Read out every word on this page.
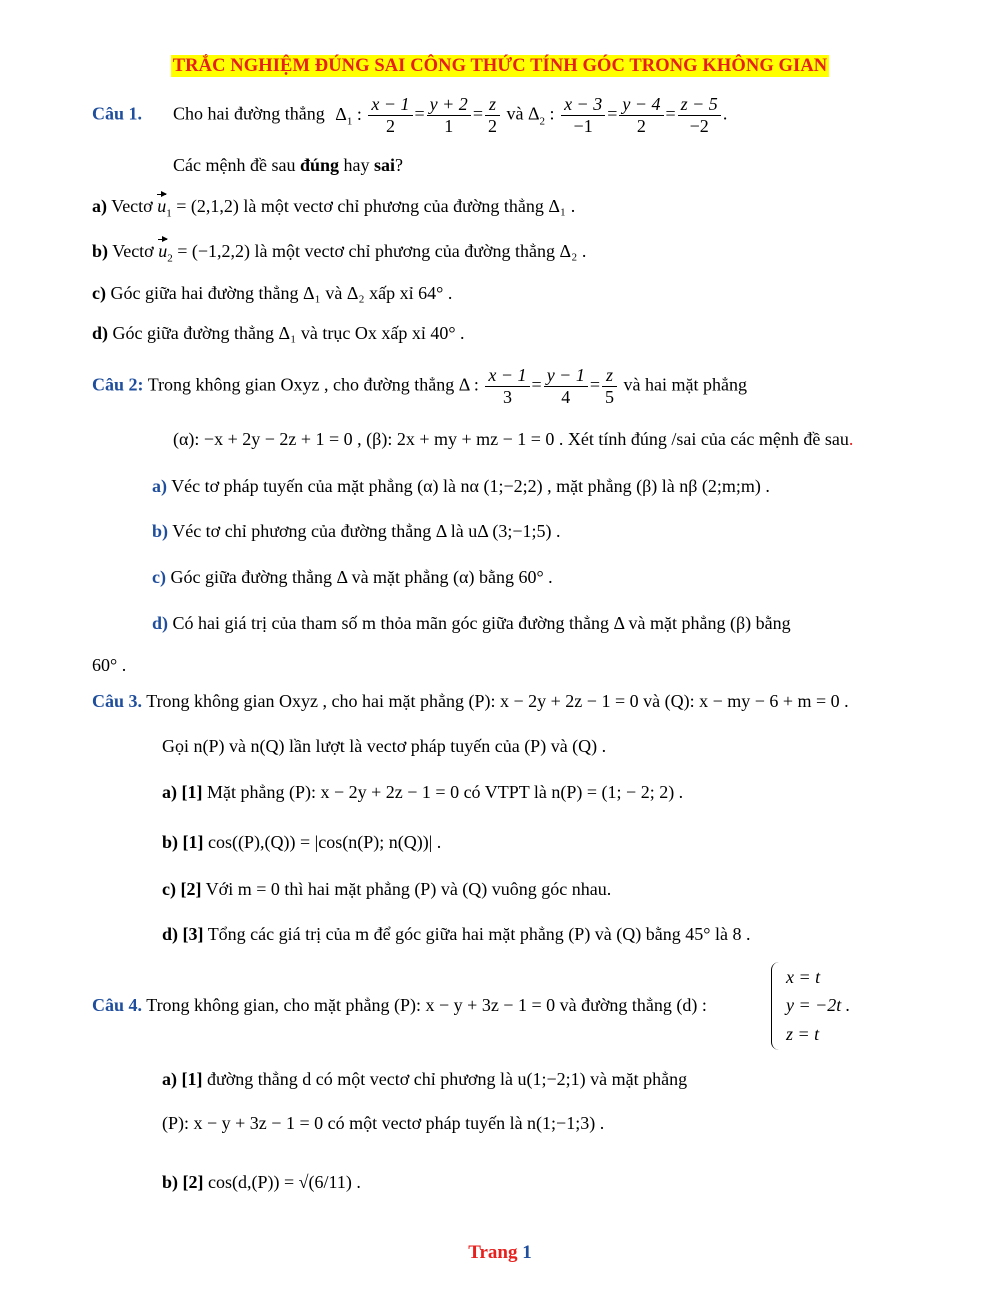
TRẮC NGHIỆM ĐÚNG SAI CÔNG THỨC TÍNH GÓC TRONG KHÔNG GIAN
Câu 1. Cho hai đường thẳng $\Delta_1$ : $\frac{x - 1}{2} = \frac{y + 2}{1} = \frac{z}{2}$ và $\Delta_2$ : $\frac{x - 3}{-1} = \frac{y - 4}{2} = \frac{z - 5}{-2}$ .
Các mệnh đề sau đúng hay sai?
a) Vectơ $u_1 = (2,1,2)$ là một vectơ chỉ phương của đường thẳng Δ₁ .
b) Vectơ $u_2 = (-1,2,2)$ là một vectơ chỉ phương của đường thẳng Δ₂ .
c) Góc giữa hai đường thẳng Δ₁ và Δ₂ xấp xỉ 64° .
d) Góc giữa đường thẳng Δ₁ và trục Ox xấp xỉ 40° .
Câu 2: Trong không gian Oxyz , cho đường thẳng Δ : $\frac{x - 1}{3} = \frac{y - 1}{4} = \frac{z}{5}$ và hai mặt phẳng
(α): −x + 2y − 2z + 1 = 0 , (β): 2x + my + mz − 1 = 0 . Xét tính đúng /sai của các mệnh đề sau.
a) Véc tơ pháp tuyến của mặt phẳng (α) là nα (1;−2;2) , mặt phẳng (β) là nβ (2;m;m) .
b) Véc tơ chỉ phương của đường thẳng Δ là uΔ (3;−1;5) .
c) Góc giữa đường thẳng Δ và mặt phẳng (α) bằng 60° .
d) Có hai giá trị của tham số m thỏa mãn góc giữa đường thẳng Δ và mặt phẳng (β) bằng
60° .
Câu 3. Trong không gian Oxyz , cho hai mặt phẳng (P): x − 2y + 2z − 1 = 0 và (Q): x − my − 6 + m = 0 .
Gọi n(P) và n(Q) lần lượt là vectơ pháp tuyến của (P) và (Q) .
a) [1] Mặt phẳng (P): x − 2y + 2z − 1 = 0 có VTPT là n(P) = (1; − 2; 2) .
b) [1] cos((P),(Q)) = |cos(n(P); n(Q))| .
c) [2] Với m = 0 thì hai mặt phẳng (P) và (Q) vuông góc nhau.
d) [3] Tổng các giá trị của m để góc giữa hai mặt phẳng (P) và (Q) bằng 45° là 8 .
Câu 4. Trong không gian, cho mặt phẳng (P): x − y + 3z − 1 = 0 và đường thẳng (d) :
x = t
y = −2t .
z = t
a) [1] đường thẳng d có một vectơ chỉ phương là u(1;−2;1) và mặt phẳng
(P): x − y + 3z − 1 = 0 có một vectơ pháp tuyến là n(1;−1;3) .
b) [2] cos(d,(P)) = √(6/11) .
Trang 1
